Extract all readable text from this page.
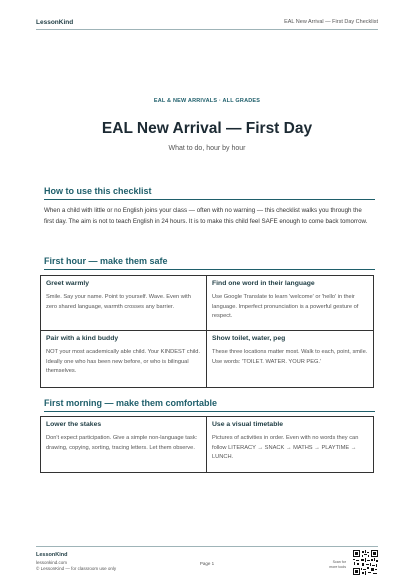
LessonKind	EAL New Arrival — First Day Checklist
EAL & NEW ARRIVALS · ALL GRADES
EAL New Arrival — First Day
What to do, hour by hour
How to use this checklist
When a child with little or no English joins your class — often with no warning — this checklist walks you through the first day. The aim is not to teach English in 24 hours. It is to make this child feel SAFE enough to come back tomorrow.
First hour — make them safe
Greet warmly
Smile. Say your name. Point to yourself. Wave. Even with zero shared language, warmth crosses any barrier.
Find one word in their language
Use Google Translate to learn 'welcome' or 'hello' in their language. Imperfect pronunciation is a powerful gesture of respect.
Pair with a kind buddy
NOT your most academically able child. Your KINDEST child. Ideally one who has been new before, or who is bilingual themselves.
Show toilet, water, peg
These three locations matter most. Walk to each, point, smile. Use words: 'TOILET. WATER. YOUR PEG.'
First morning — make them comfortable
Lower the stakes
Don't expect participation. Give a simple non-language task: drawing, copying, sorting, tracing letters. Let them observe.
Use a visual timetable
Pictures of activities in order. Even with no words they can follow LITERACY → SNACK → MATHS → PLAYTIME → LUNCH.
LessonKind
lessonkind.com
© LessonKind — for classroom use only
Page 1	Scan for
more tools
